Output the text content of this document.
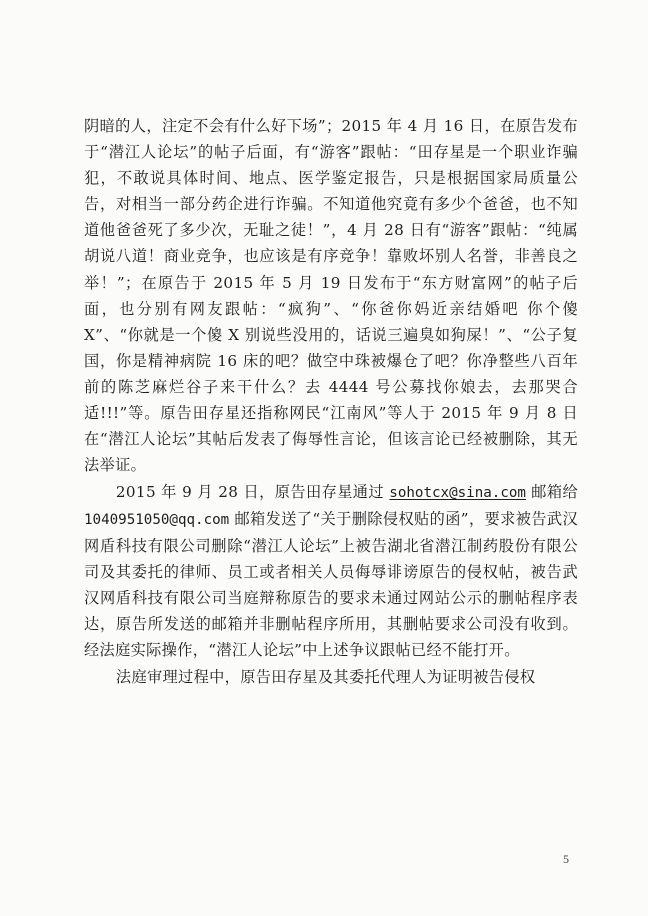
阴暗的人，注定不会有什么好下场”；2015 年 4 月 16 日，在原告发布于“潜江人论坛”的帖子后面，有“游客”跟帖：“田存星是一个职业诈骗犯，不敢说具体时间、地点、医学鉴定报告，只是根据国家局质量公告，对相当一部分药企进行诈骗。不知道他究竟有多少个爸爸，也不知道他爸爸死了多少次，无耻之徒！”，4 月 28 日有“游客”跟帖：“纯属胡说八道！商业竞争，也应该是有序竞争！靠败坏别人名誉，非善良之举！”；在原告于 2015 年 5 月 19 日发布于“东方财富网”的帖子后面，也分别有网友跟帖：“疯狗”、“你爸你妈近亲结婚吧 你个傻 X”、“你就是一个傻 X 别说些没用的，话说三遍臭如狗屎！”、“公子复国，你是精神病院 16 床的吧？做空中珠被爆仓了吧？你净整些八百年前的陈芝麻烂谷子来干什么？去 4444 号公募找你娘去，去那哭合适!!!”等。原告田存星还指称网民“江南风”等人于 2015 年 9 月 8 日在“潜江人论坛”其帖后发表了侮辱性言论，但该言论已经被删除，其无法举证。

2015 年 9 月 28 日，原告田存星通过 sohotcx@sina.com 邮箱给 1040951050@qq.com 邮箱发送了“关于删除侵权贴的函”，要求被告武汉网盾科技有限公司删除“潜江人论坛”上被告湖北省潜江制药股份有限公司及其委托的律师、员工或者相关人员侮辱诽谤原告的侵权帖，被告武汉网盾科技有限公司当庭辩称原告的要求未通过网站公示的删帖程序表达，原告所发送的邮箱并非删帖程序所用，其删帖要求公司没有收到。经法庭实际操作，“潜江人论坛”中上述争议跟帖已经不能打开。

法庭审理过程中，原告田存星及其委托代理人为证明被告侵权

5
